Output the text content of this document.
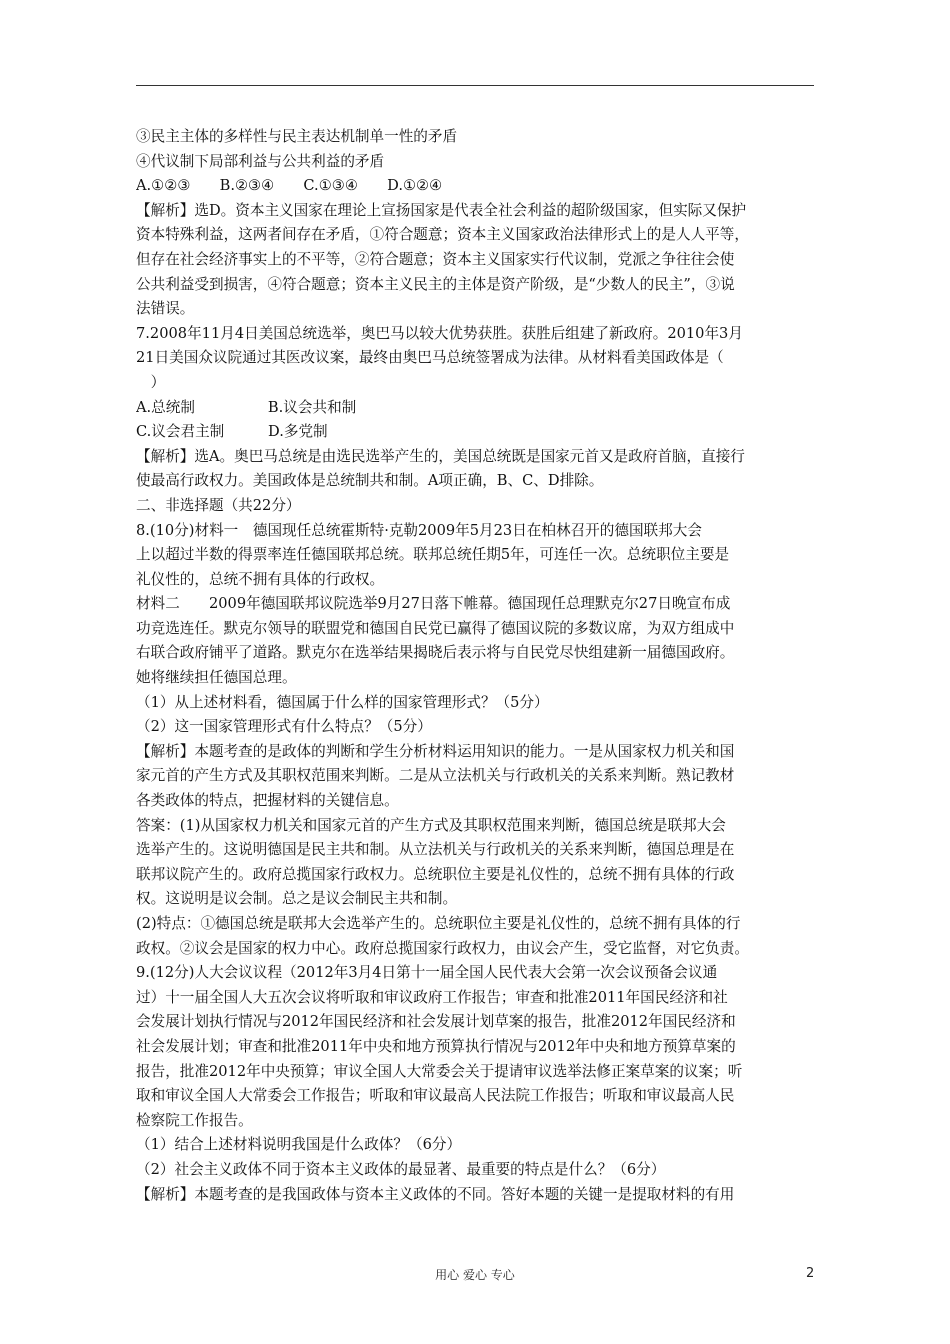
③民主主体的多样性与民主表达机制单一性的矛盾
④代议制下局部利益与公共利益的矛盾
A.①②③　　B.②③④　　C.①③④　　D.①②④
【解析】选D。资本主义国家在理论上宣扬国家是代表全社会利益的超阶级国家，但实际又保护
资本特殊利益，这两者间存在矛盾，①符合题意；资本主义国家政治法律形式上的是人人平等，
但存在社会经济事实上的不平等，②符合题意；资本主义国家实行代议制，党派之争往往会使
公共利益受到损害，④符合题意；资本主义民主的主体是资产阶级，是“少数人的民主”，③说
法错误。
7.2008年11月4日美国总统选举，奥巴马以较大优势获胜。获胜后组建了新政府。2010年3月
21日美国众议院通过其医改议案，最终由奥巴马总统签署成为法律。从材料看美国政体是（
　）
A.总统制　　　　　B.议会共和制
C.议会君主制　　　D.多党制
【解析】选A。奥巴马总统是由选民选举产生的，美国总统既是国家元首又是政府首脑，直接行
使最高行政权力。美国政体是总统制共和制。A项正确，B、C、D排除。
二、非选择题（共22分）
8.(10分)材料一　德国现任总统霍斯特·克勒2009年5月23日在柏林召开的德国联邦大会
上以超过半数的得票率连任德国联邦总统。联邦总统任期5年，可连任一次。总统职位主要是
礼仪性的，总统不拥有具体的行政权。
材料二　　2009年德国联邦议院选举9月27日落下帷幕。德国现任总理默克尔27日晚宣布成
功竞选连任。默克尔领导的联盟党和德国自民党已赢得了德国议院的多数议席，为双方组成中
右联合政府铺平了道路。默克尔在选举结果揭晓后表示将与自民党尽快组建新一届德国政府。
她将继续担任德国总理。
（1）从上述材料看，德国属于什么样的国家管理形式？（5分）
（2）这一国家管理形式有什么特点？（5分）
【解析】本题考查的是政体的判断和学生分析材料运用知识的能力。一是从国家权力机关和国
家元首的产生方式及其职权范围来判断。二是从立法机关与行政机关的关系来判断。熟记教材
各类政体的特点，把握材料的关键信息。
答案：(1)从国家权力机关和国家元首的产生方式及其职权范围来判断，德国总统是联邦大会
选举产生的。这说明德国是民主共和制。从立法机关与行政机关的关系来判断，德国总理是在
联邦议院产生的。政府总揽国家行政权力。总统职位主要是礼仪性的，总统不拥有具体的行政
权。这说明是议会制。总之是议会制民主共和制。
(2)特点：①德国总统是联邦大会选举产生的。总统职位主要是礼仪性的，总统不拥有具体的行
政权。②议会是国家的权力中心。政府总揽国家行政权力，由议会产生，受它监督，对它负责。
9.(12分)人大会议议程（2012年3月4日第十一届全国人民代表大会第一次会议预备会议通
过）十一届全国人大五次会议将听取和审议政府工作报告；审查和批准2011年国民经济和社
会发展计划执行情况与2012年国民经济和社会发展计划草案的报告，批准2012年国民经济和
社会发展计划；审查和批准2011年中央和地方预算执行情况与2012年中央和地方预算草案的
报告，批准2012年中央预算；审议全国人大常委会关于提请审议选举法修正案草案的议案；听
取和审议全国人大常委会工作报告；听取和审议最高人民法院工作报告；听取和审议最高人民
检察院工作报告。
（1）结合上述材料说明我国是什么政体？（6分）
（2）社会主义政体不同于资本主义政体的最显著、最重要的特点是什么？（6分）
【解析】本题考查的是我国政体与资本主义政体的不同。答好本题的关键一是提取材料的有用
用心 爱心 专心	2
